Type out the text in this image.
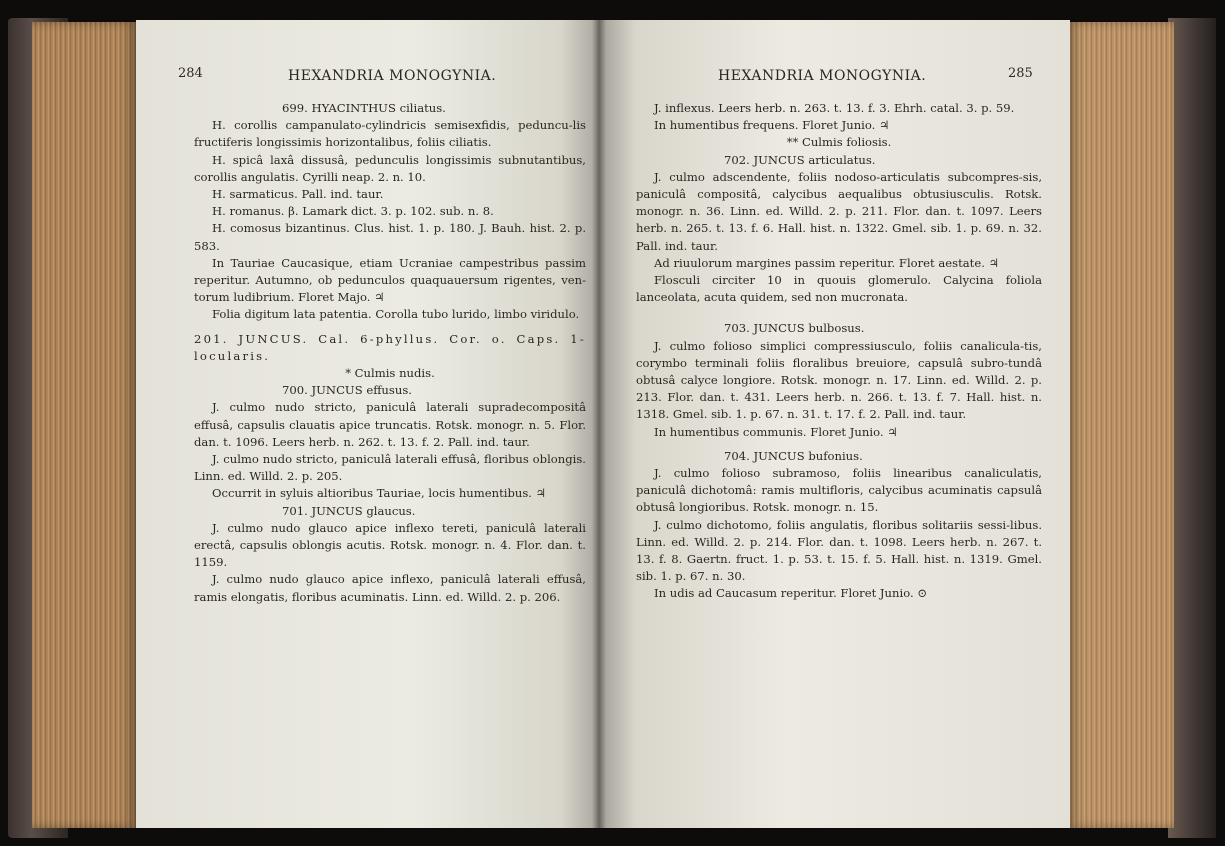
284	HEXANDRIA MONOGYNIA.

699. HYACINTHUS ciliatus.

H. corollis campanulato-cylindricis semisexfidis, peduncu-lis fructiferis longissimis horizontalibus, foliis ciliatis.

H. spicâ laxâ dissusâ, pedunculis longissimis subnutantibus, corollis angulatis. Cyrilli neap. 2. n. 10.

H. sarmaticus. Pall. ind. taur.

H. romanus. β. Lamark dict. 3. p. 102. sub. n. 8.

H. comosus bizantinus. Clus. hist. 1. p. 180. J. Bauh. hist. 2. p. 583.

In Tauriae Caucasique, etiam Ucraniae campestribus passim reperitur. Autumno, ob pedunculos quaquauersum rigentes, ven-torum ludibrium. Floret Majo. ♃

Folia digitum lata patentia. Corolla tubo lurido, limbo viridulo.

201. JUNCUS. Cal. 6-phyllus. Cor. o. Caps. 1-locularis.

* Culmis nudis.

700. JUNCUS effusus.

J. culmo nudo stricto, paniculâ laterali supradecompositâ effusâ, capsulis clauatis apice truncatis. Rotsk. monogr. n. 5. Flor. dan. t. 1096. Leers herb. n. 262. t. 13. f. 2. Pall. ind. taur.

J. culmo nudo stricto, paniculâ laterali effusâ, floribus oblongis. Linn. ed. Willd. 2. p. 205.

Occurrit in syluis altioribus Tauriae, locis humentibus. ♃

701. JUNCUS glaucus.

J. culmo nudo glauco apice inflexo tereti, paniculâ laterali erectâ, capsulis oblongis acutis. Rotsk. monogr. n. 4. Flor. dan. t. 1159.

J. culmo nudo glauco apice inflexo, paniculâ laterali effusâ, ramis elongatis, floribus acuminatis. Linn. ed. Willd. 2. p. 206.

HEXANDRIA MONOGYNIA.	285

J. inflexus. Leers herb. n. 263. t. 13. f. 3. Ehrh. catal. 3. p. 59.

In humentibus frequens. Floret Junio. ♃

** Culmis foliosis.

702. JUNCUS articulatus.

J. culmo adscendente, foliis nodoso-articulatis subcompres-sis, paniculâ compositâ, calycibus aequalibus obtusiusculis. Rotsk. monogr. n. 36. Linn. ed. Willd. 2. p. 211. Flor. dan. t. 1097. Leers herb. n. 265. t. 13. f. 6. Hall. hist. n. 1322. Gmel. sib. 1. p. 69. n. 32. Pall. ind. taur.

Ad riuulorum margines passim reperitur. Floret aestate. ♃

Flosculi circiter 10 in quouis glomerulo. Calycina foliola lanceolata, acuta quidem, sed non mucronata.

703. JUNCUS bulbosus.

J. culmo folioso simplici compressiusculo, foliis canalicula-tis, corymbo terminali foliis floralibus breuiore, capsulâ subro-tundâ obtusâ calyce longiore. Rotsk. monogr. n. 17. Linn. ed. Willd. 2. p. 213. Flor. dan. t. 431. Leers herb. n. 266. t. 13. f. 7. Hall. hist. n. 1318. Gmel. sib. 1. p. 67. n. 31. t. 17. f. 2. Pall. ind. taur.

In humentibus communis. Floret Junio. ♃

704. JUNCUS bufonius.

J. culmo folioso subramoso, foliis linearibus canaliculatis, paniculâ dichotomâ: ramis multifloris, calycibus acuminatis capsulâ obtusâ longioribus. Rotsk. monogr. n. 15.

J. culmo dichotomo, foliis angulatis, floribus solitariis sessi-libus. Linn. ed. Willd. 2. p. 214. Flor. dan. t. 1098. Leers herb. n. 267. t. 13. f. 8. Gaertn. fruct. 1. p. 53. t. 15. f. 5. Hall. hist. n. 1319. Gmel. sib. 1. p. 67. n. 30.

In udis ad Caucasum reperitur. Floret Junio. ⊙
